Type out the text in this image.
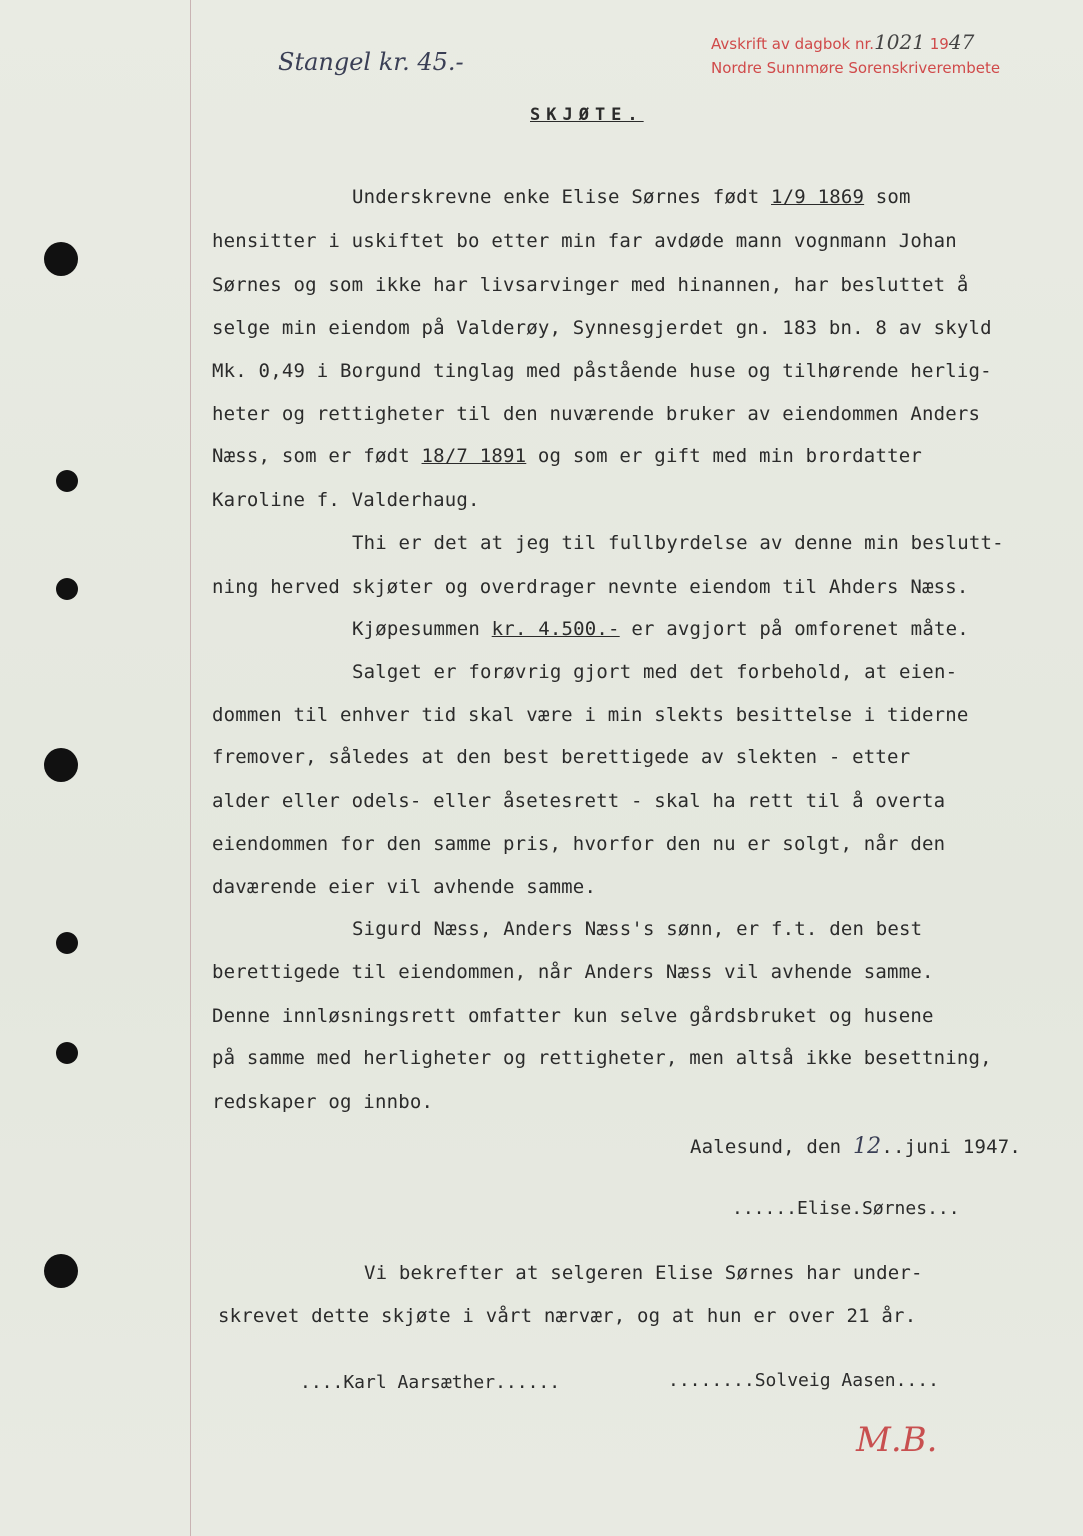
Stangel kr. 45.-
Avskrift av dagbok nr.1021 1947
Nordre Sunnmøre Sorenskriverembete
SKJØTE.
Underskrevne enke Elise Sørnes født 1/9 1869 som
hensitter i uskiftet bo etter min far avdøde mann vognmann Johan
Sørnes og som ikke har livsarvinger med hinannen, har besluttet å
selge min eiendom på Valderøy, Synnesgjerdet gn. 183 bn. 8 av skyld
Mk. 0,49 i Borgund tinglag med påstående huse og tilhørende herlig-
heter og rettigheter til den nuværende bruker av eiendommen Anders
Næss, som er født 18/7 1891 og som er gift med min brordatter
Karoline f. Valderhaug.
Thi er det at jeg til fullbyrdelse av denne min beslutt-
ning herved skjøter og overdrager nevnte eiendom til Ahders Næss.
Kjøpesummen kr. 4.500.- er avgjort på omforenet måte.
Salget er forøvrig gjort med det forbehold, at eien-
dommen til enhver tid skal være i min slekts besittelse i tiderne
fremover, således at den best berettigede av slekten - etter
alder eller odels- eller åsetesrett - skal ha rett til å overta
eiendommen for den samme pris, hvorfor den nu er solgt, når den
daværende eier vil avhende samme.
Sigurd Næss, Anders Næss's sønn, er f.t. den best
berettigede til eiendommen, når Anders Næss vil avhende samme.
Denne innløsningsrett omfatter kun selve gårdsbruket og husene
på samme med herligheter og rettigheter, men altså ikke besettning,
redskaper og innbo.
Aalesund, den 12..juni 1947.
......Elise.Sørnes...
Vi bekrefter at selgeren Elise Sørnes har under-
skrevet dette skjøte i vårt nærvær, og at hun er over 21 år.
....Karl Aarsæther......	........Solveig Aasen....
M.B.
